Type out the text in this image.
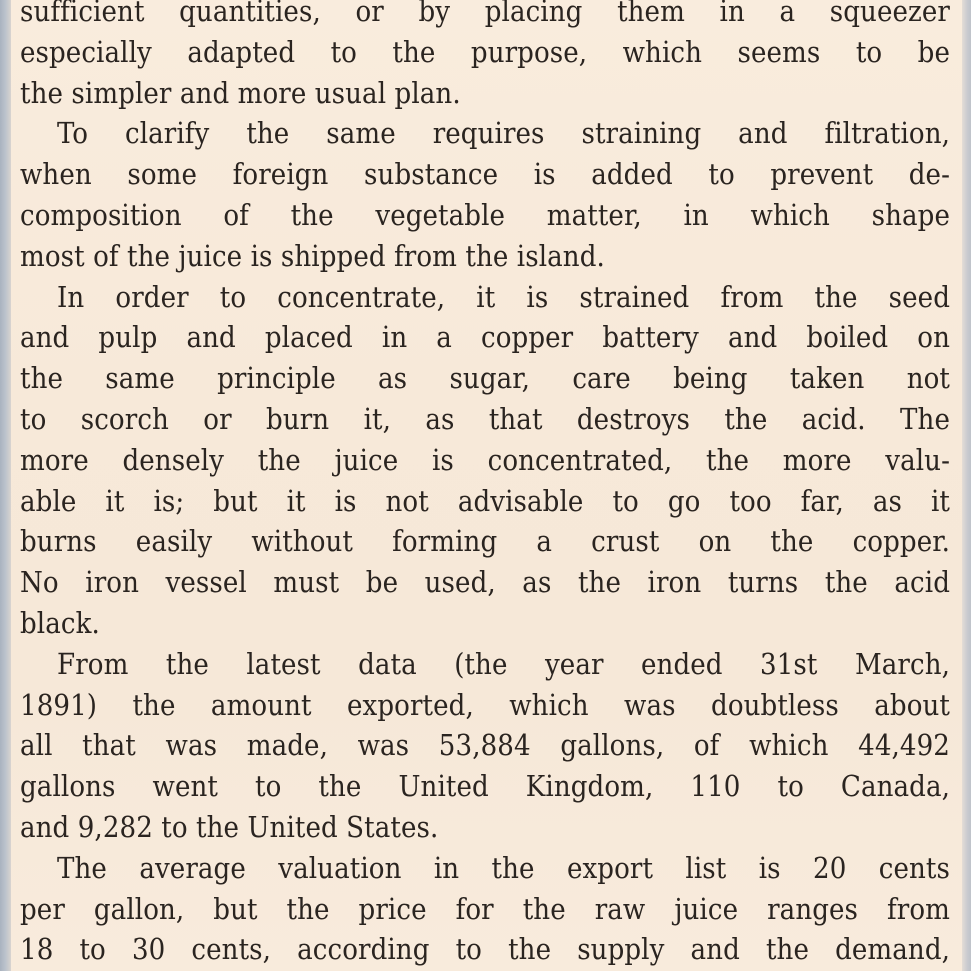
sufficient quantities, or by placing them in a squeezer
especially adapted to the purpose, which seems to be
the simpler and more usual plan.
To clarify the same requires straining and filtration,
when some foreign substance is added to prevent de-
composition of the vegetable matter, in which shape
most of the juice is shipped from the island.
In order to concentrate, it is strained from the seed
and pulp and placed in a copper battery and boiled on
the same principle as sugar, care being taken not
to scorch or burn it, as that destroys the acid. The
more densely the juice is concentrated, the more valu-
able it is; but it is not advisable to go too far, as it
burns easily without forming a crust on the copper.
No iron vessel must be used, as the iron turns the acid
black.
From the latest data (the year ended 31st March,
1891) the amount exported, which was doubtless about
all that was made, was 53,884 gallons, of which 44,492
gallons went to the United Kingdom, 110 to Canada,
and 9,282 to the United States.
The average valuation in the export list is 20 cents
per gallon, but the price for the raw juice ranges from
18 to 30 cents, according to the supply and the demand,
